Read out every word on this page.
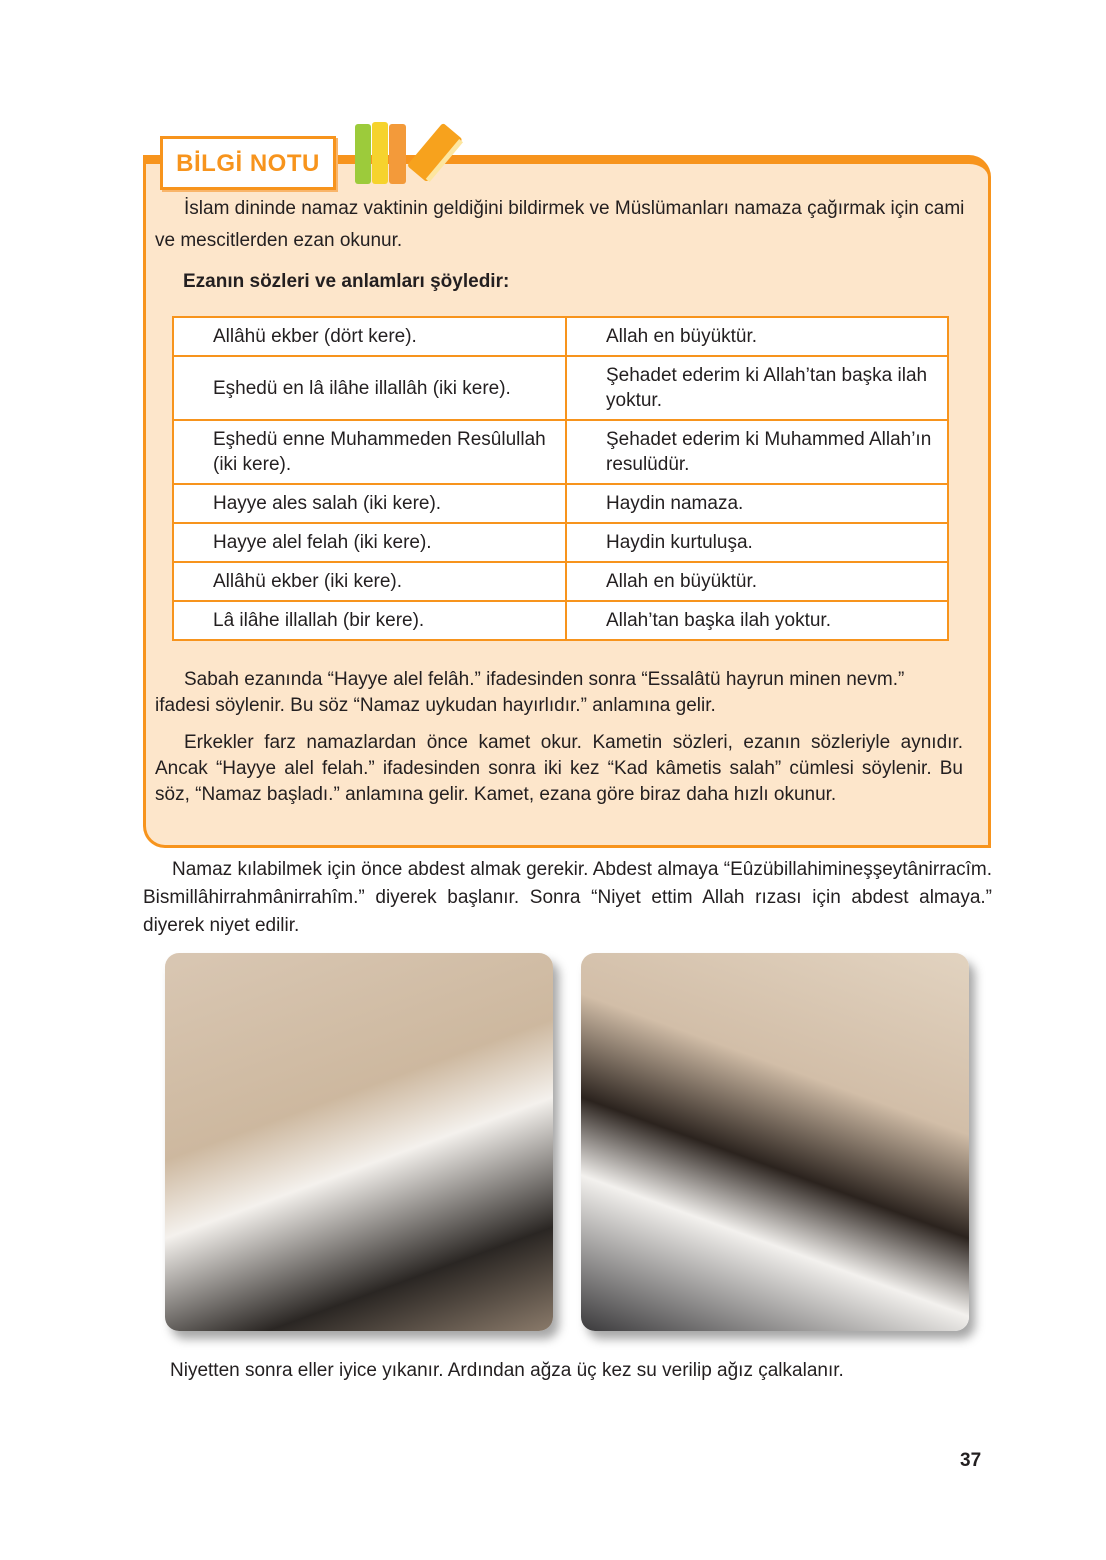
BİLGİ NOTU
İslam dininde namaz vaktinin geldiğini bildirmek ve Müslümanları namaza çağırmak için cami ve mescitlerden ezan okunur.
Ezanın sözleri ve anlamları şöyledir:
Allâhü ekber (dört kere).	Allah en büyüktür.
Eşhedü en lâ ilâhe illallâh (iki kere).	Şehadet ederim ki Allah’tan başka ilah yoktur.
Eşhedü enne Muhammeden Resûlullah (iki kere).	Şehadet ederim ki Muhammed Allah’ın resulüdür.
Hayye ales salah (iki kere).	Haydin namaza.
Hayye alel felah (iki kere).	Haydin kurtuluşa.
Allâhü ekber (iki kere).	Allah en büyüktür.
Lâ ilâhe illallah (bir kere).	Allah’tan başka ilah yoktur.
Sabah ezanında “Hayye alel felâh.” ifadesinden sonra “Essalâtü hayrun minen nevm.” ifadesi söylenir. Bu söz “Namaz uykudan hayırlıdır.” anlamına gelir.
Erkekler farz namazlardan önce kamet okur. Kametin sözleri, ezanın sözleriyle aynıdır. Ancak “Hayye alel felah.” ifadesinden sonra iki kez “Kad kâmetis salah” cümlesi söylenir. Bu söz, “Namaz başladı.” anlamına gelir. Kamet, ezana göre biraz daha hızlı okunur.
Namaz kılabilmek için önce abdest almak gerekir. Abdest almaya “Eûzübillahimineşşeytânirracîm. Bismillâhirrahmânirrahîm.” diyerek başlanır. Sonra “Niyet ettim Allah rızası için abdest almaya.” diyerek niyet edilir.
Niyetten sonra eller iyice yıkanır. Ardından ağza üç kez su verilip ağız çalkalanır.
37
